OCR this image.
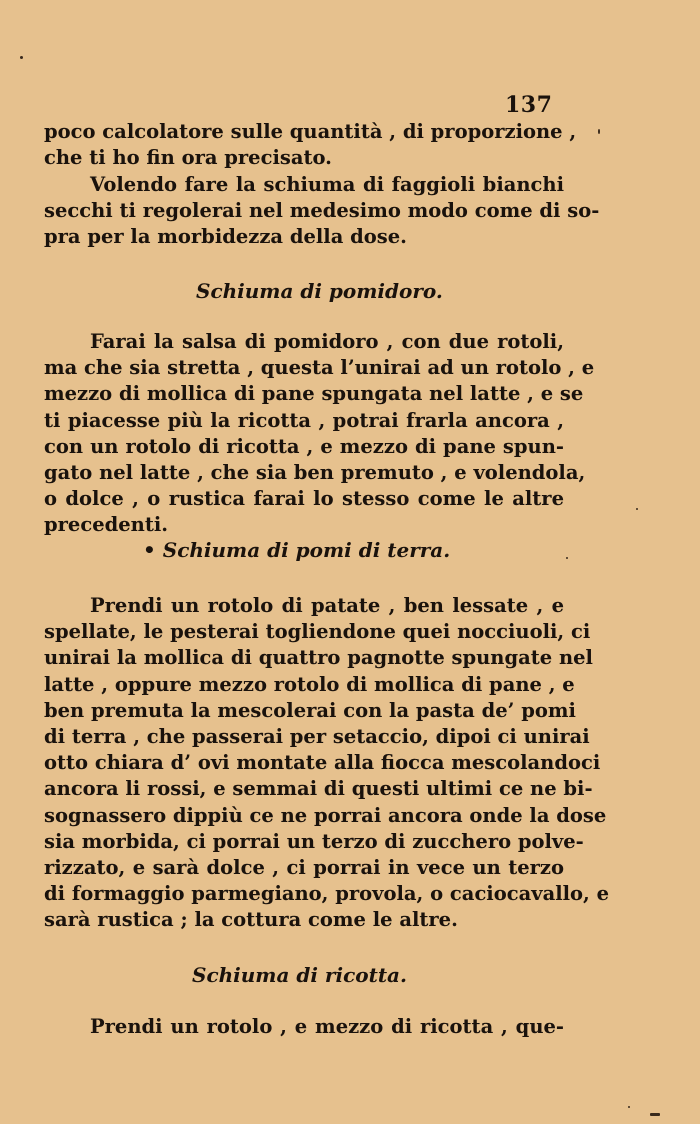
137
poco calcolatore sulle quantità , di proporzione ,
che ti ho fin ora precisato.
Volendo fare la schiuma di faggioli bianchi
secchi ti regolerai nel medesimo modo come di so-
pra per la morbidezza della dose.
Schiuma di pomidoro.
Farai la salsa di pomidoro , con due rotoli,
ma che sia stretta , questa l’unirai ad un rotolo , e
mezzo di mollica di pane spungata nel latte , e se
ti piacesse più la ricotta , potrai frarla ancora ,
con un rotolo di ricotta , e mezzo di pane spun-
gato nel latte , che sia ben premuto , e volendola,
o dolce , o rustica farai lo stesso come le altre
precedenti.
• Schiuma di pomi di terra.
Prendi un rotolo di patate , ben lessate , e
spellate, le pesterai togliendone quei nocciuoli, ci
unirai la mollica di quattro pagnotte spungate nel
latte , oppure mezzo rotolo di mollica di pane , e
ben premuta la mescolerai con la pasta de’ pomi
di terra , che passerai per setaccio, dipoi ci unirai
otto chiara d’ ovi montate alla fiocca mescolandoci
ancora li rossi, e semmai di questi ultimi ce ne bi-
sognassero dippiù ce ne porrai ancora onde la dose
sia morbida, ci porrai un terzo di zucchero polve-
rizzato, e sarà dolce , ci porrai in vece un terzo
di formaggio parmegiano, provola, o caciocavallo, e
sarà rustica ; la cottura come le altre.
Schiuma di ricotta.
Prendi un rotolo , e mezzo di ricotta , que-
